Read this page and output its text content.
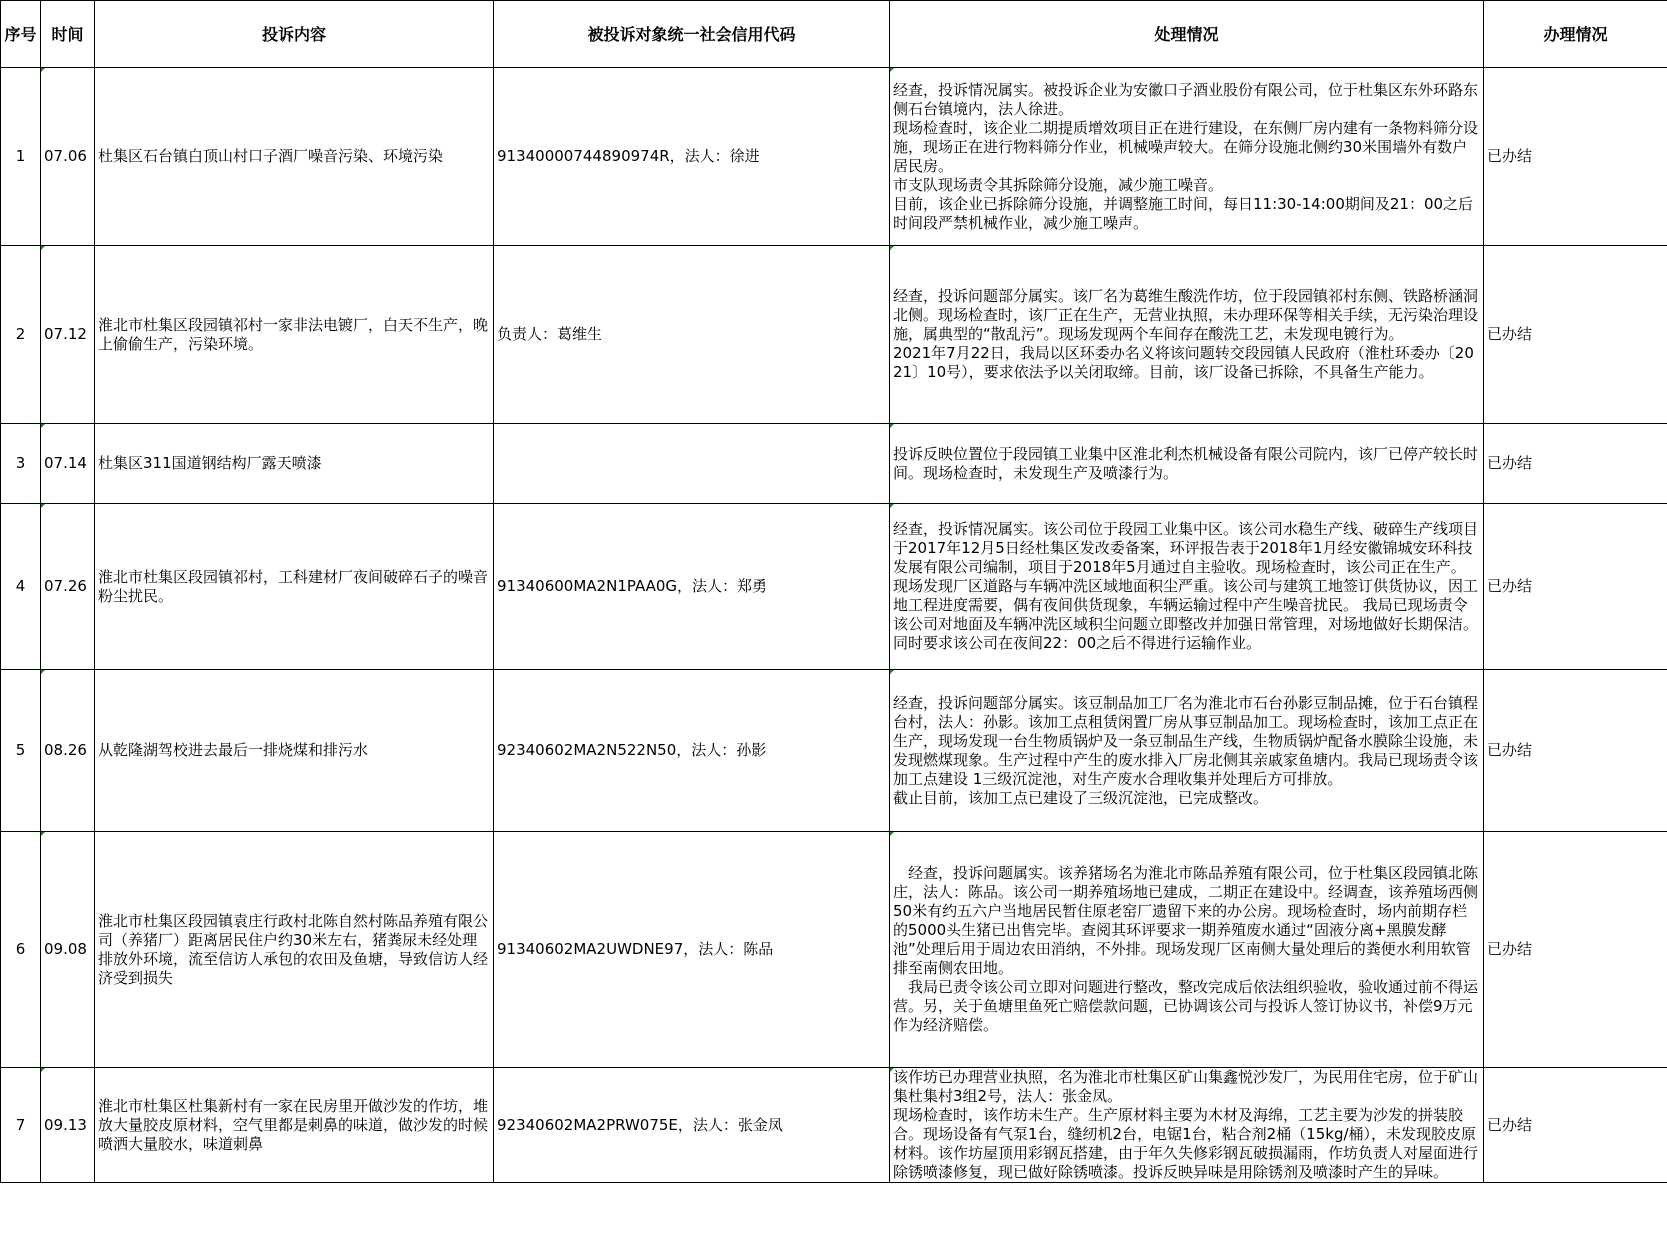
序号	时间	投诉内容	被投诉对象统一社会信用代码	处理情况	办理情况
1	07.06	杜集区石台镇白顶山村口子酒厂噪音污染、环境污染	9134000074489097​4R，法人：徐进	经查，投诉情况属实。被投诉企业为安徽口子酒业股份有限公司，位于杜集区东外环路东侧石台镇境内，法人徐进。

现场检查时，该企业二期提质增效项目正在进行建设，在东侧厂房内建有一条物料筛分设施，现场正在进行物料筛分作业，机械噪声较大。在筛分设施北侧约30米围墙外有数户居民房。

市支队现场责令其拆除筛分设施，减少施工噪音。

目前，该企业已拆除筛分设施，并调整施工时间，每日11:30-14:00期间及21：00之后时间段严禁机械作业，减少施工噪声。	已办结
2	07.12	淮北市杜集区段园镇祁村一家非法电镀厂，白天不生产，晚上偷偷生产，污染环境。	负责人：葛维生	经查，投诉问题部分属实。该厂名为葛维生酸洗作坊，位于段园镇祁村东侧、铁路桥涵洞北侧。现场检查时，该厂正在生产，无营业执照，未办理环保等相关手续，无污染治理设施，属典型的“散乱污”。现场发现两个车间存在酸洗工艺，未发现电镀行为。

2021年7月22日，我局以区环委办名义将该问题转交段园镇人民政府（淮杜环委办〔2021〕10号），要求依法予以关闭取缔。目前，该厂设备已拆除，不具备生产能力。	已办结
3	07.14	杜集区311国道钢结构厂露天喷漆		投诉反映位置位于段园镇工业集中区淮北利杰机械设备有限公司院内，该厂已停产较长时间。现场检查时，未发现生产及喷漆行为。	已办结
4	07.26	淮北市杜集区段园镇祁村，工科建材厂夜间破碎石子的噪音粉尘扰民。	91340600MA2N1PAA0G，法人：郑勇	经查，投诉情况属实。该公司位于段园工业集中区。该公司水稳生产线、破碎生产线项目于2017年12月5日经杜集区发改委备案，环评报告表于2018年1月经安徽锦城安环科技发展有限公司编制，项目于2018年5月通过自主验收。现场检查时，该公司正在生产。现场发现厂区道路与车辆冲洗区域地面积尘严重。该公司与建筑工地签订供货协议，因工地工程进度需要，偶有夜间供货现象，车辆运输过程中产生噪音扰民。 我局已现场责令该公司对地面及车辆冲洗区域积尘问题立即整改并加强日常管理，对场地做好长期保洁。同时要求该公司在夜间22：00之后不得进行运输作业。	已办结
5	08.26	从乾隆湖驾校进去最后一排烧煤和排污水	92340602MA2N522N50，法人：孙影	经查，投诉问题部分属实。该豆制品加工厂名为淮北市石台孙影豆制品摊，位于石台镇程台村，法人：孙影。该加工点租赁闲置厂房从事豆制品加工。现场检查时，该加工点正在生产，现场发现一台生物质锅炉及一条豆制品生产线，生物质锅炉配备水膜除尘设施，未发现燃煤现象。生产过程中产生的废水排入厂房北侧其亲戚家鱼塘内。我局已现场责令该加工点建设 1三级沉淀池，对生产废水合理收集并处理后方可排放。

截止目前，该加工点已建设了三级沉淀池，已完成整改。	已办结
6	09.08	淮北市杜集区段园镇袁庄行政村北陈自然村陈品养殖有限公司（养猪厂）距离居民住户约30米左右，猪粪尿未经处理排放外环境，流至信访人承包的农田及鱼塘，导致信访人经济受到损失	91340602MA2UWDNE97，法人：陈品	经查，投诉问题属实。该养猪场名为淮北市陈品养殖有限公司，位于杜集区段园镇北陈庄，法人：陈品。该公司一期养殖场地已建成，二期正在建设中。经调查，该养殖场西侧50米有约五六户当地居民暂住原老窑厂遗留下来的办公房。现场检查时，场内前期存栏的5000头生猪已出售完毕。查阅其环评要求一期养殖废水通过“固液分离+黑膜发酵池”处理后用于周边农田消纳，不外排。现场发现厂区南侧大量处理后的粪便水利用软管排至南侧农田地。

我局已责令该公司立即对问题进行整改，整改完成后依法组织验收，验收通过前不得运营。另，关于鱼塘里鱼死亡赔偿款问题，已协调该公司与投诉人签订协议书，补偿9万元作为经济赔偿。	已办结
7	09.13	淮北市杜集区杜集新村有一家在民房里开做沙发的作坊，堆放大量胶皮原材料，空气里都是刺鼻的味道，做沙发的时候喷洒大量胶水，味道刺鼻	92340602MA2PRW075E，法人：张金凤	该作坊已办理营业执照，名为淮北市杜集区矿山集鑫悦沙发厂，为民用住宅房，位于矿山集杜集村3组2号，法人：张金凤。

现场检查时，该作坊未生产。生产原材料主要为木材及海绵，工艺主要为沙发的拼装胶合。现场设备有气泵1台，缝纫机2台，电锯1台，粘合剂2桶（15kg/桶），未发现胶皮原材料。该作坊屋顶用彩钢瓦搭建，由于年久失修彩钢瓦破损漏雨，作坊负责人对屋面进行除锈喷漆修复，现已做好除锈喷漆。投诉反映异味是用除锈剂及喷漆时产生的异味。	已办结
